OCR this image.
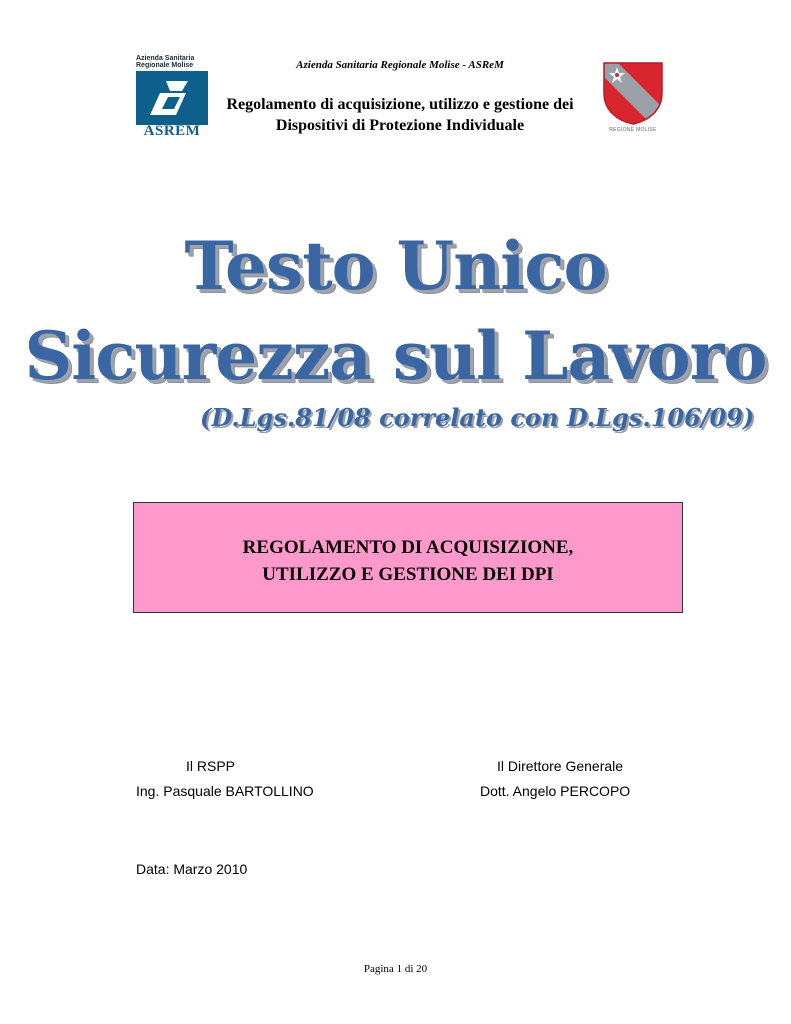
Azienda Sanitaria
Regionale Molise
ASREM
Azienda Sanitaria Regionale Molise - ASReM
Regolamento di acquisizione, utilizzo e gestione dei
Dispositivi di Protezione Individuale	REGIONE MOLISE
Testo Unico
Sicurezza sul Lavoro
(D.Lgs.81/08 correlato con D.Lgs.106/09)
REGOLAMENTO DI ACQUISIZIONE,
UTILIZZO E GESTIONE DEI DPI
Il RSPP
Ing. Pasquale BARTOLLINO
Il Direttore Generale
Dott. Angelo PERCOPO
Data: Marzo 2010
Pagina 1 di 20
